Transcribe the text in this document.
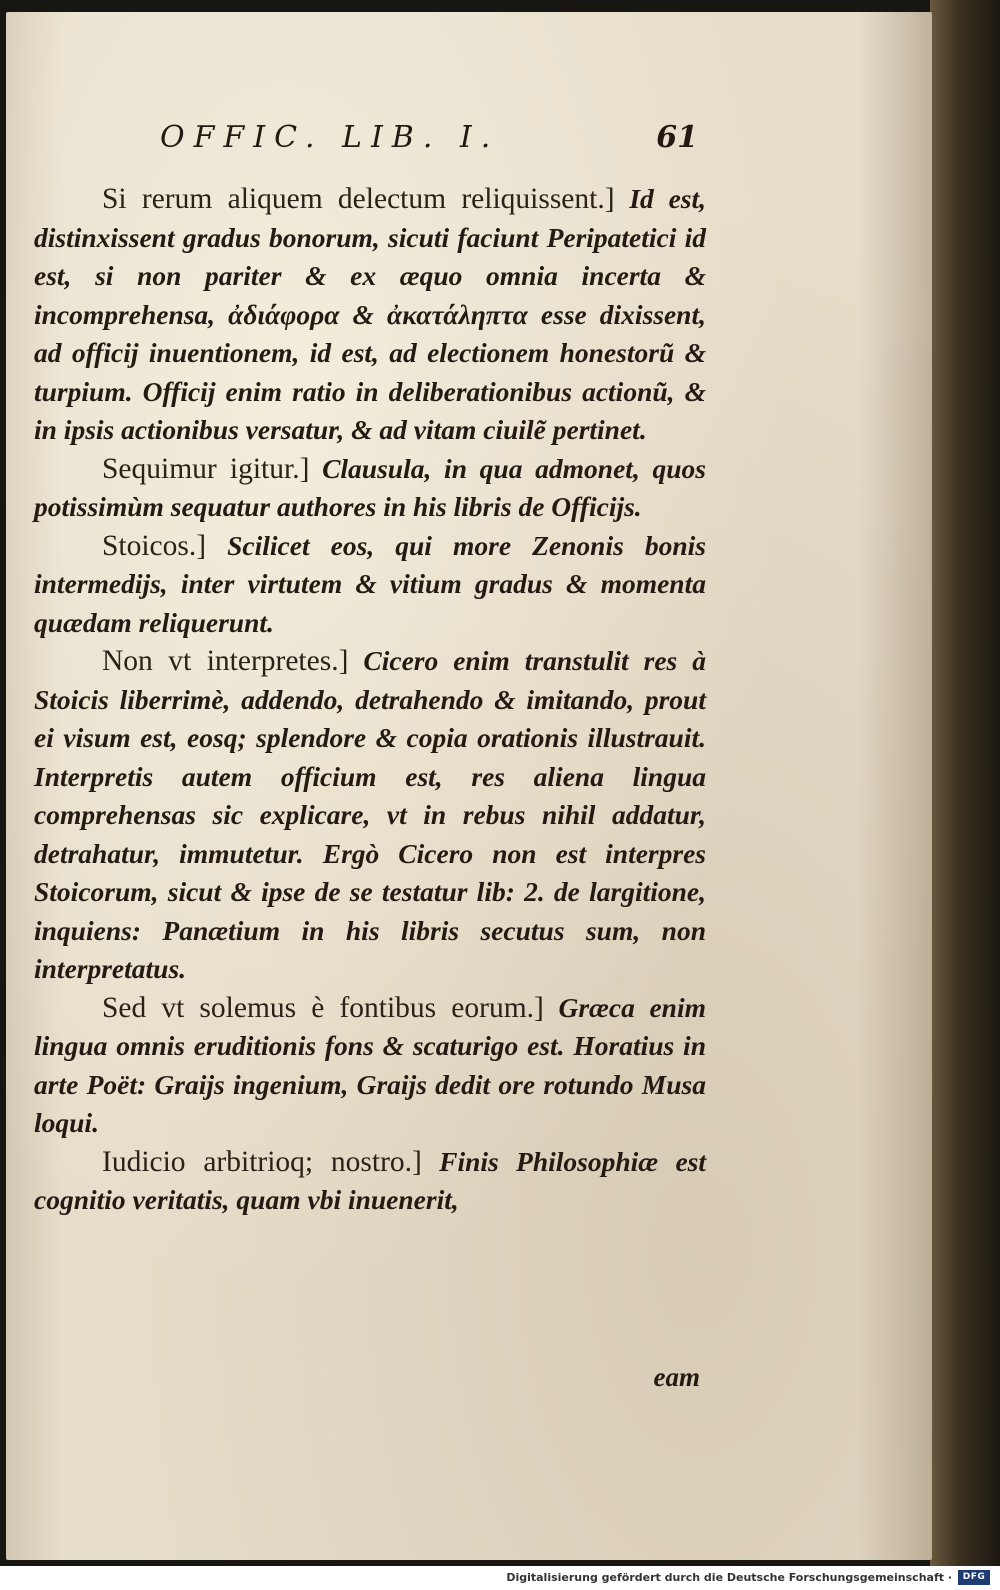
OFFIC. LIB. I.	61

Si rerum aliquem delectum reliquissent.] Id est, distinxissent gradus bonorum, sicuti faciunt Peripatetici id est, si non pariter & ex æquo omnia incerta & incomprehensa, ἀδιάφορα & ἀκατάληπτα esse dixissent, ad officij inuentionem, id est, ad electionem honestorũ & turpium. Officij enim ratio in deliberationibus actionũ, & in ipsis actionibus versatur, & ad vitam ciuilẽ pertinet.

Sequimur igitur.] Clausula, in qua admonet, quos potissimùm sequatur authores in his libris de Officijs.

Stoicos.] Scilicet eos, qui more Zenonis bonis intermedijs, inter virtutem & vitium gradus & momenta quædam reliquerunt.

Non vt interpretes.] Cicero enim transtulit res à Stoicis liberrimè, addendo, detrahendo & imitando, prout ei visum est, eosq; splendore & copia orationis illustrauit. Interpretis autem officium est, res aliena lingua comprehensas sic explicare, vt in rebus nihil addatur, detrahatur, immutetur. Ergò Cicero non est interpres Stoicorum, sicut & ipse de se testatur lib: 2. de largitione, inquiens: Panætium in his libris secutus sum, non interpretatus.

Sed vt solemus è fontibus eorum.] Græca enim lingua omnis eruditionis fons & scaturigo est. Horatius in arte Poët: Graijs ingenium, Graijs dedit ore rotundo Musa loqui.

Iudicio arbitrioq; nostro.] Finis Philosophiæ est cognitio veritatis, quam vbi inuenerit,

eam
Digitalisierung gefördert durch die Deutsche Forschungsgemeinschaft ·	DFG
